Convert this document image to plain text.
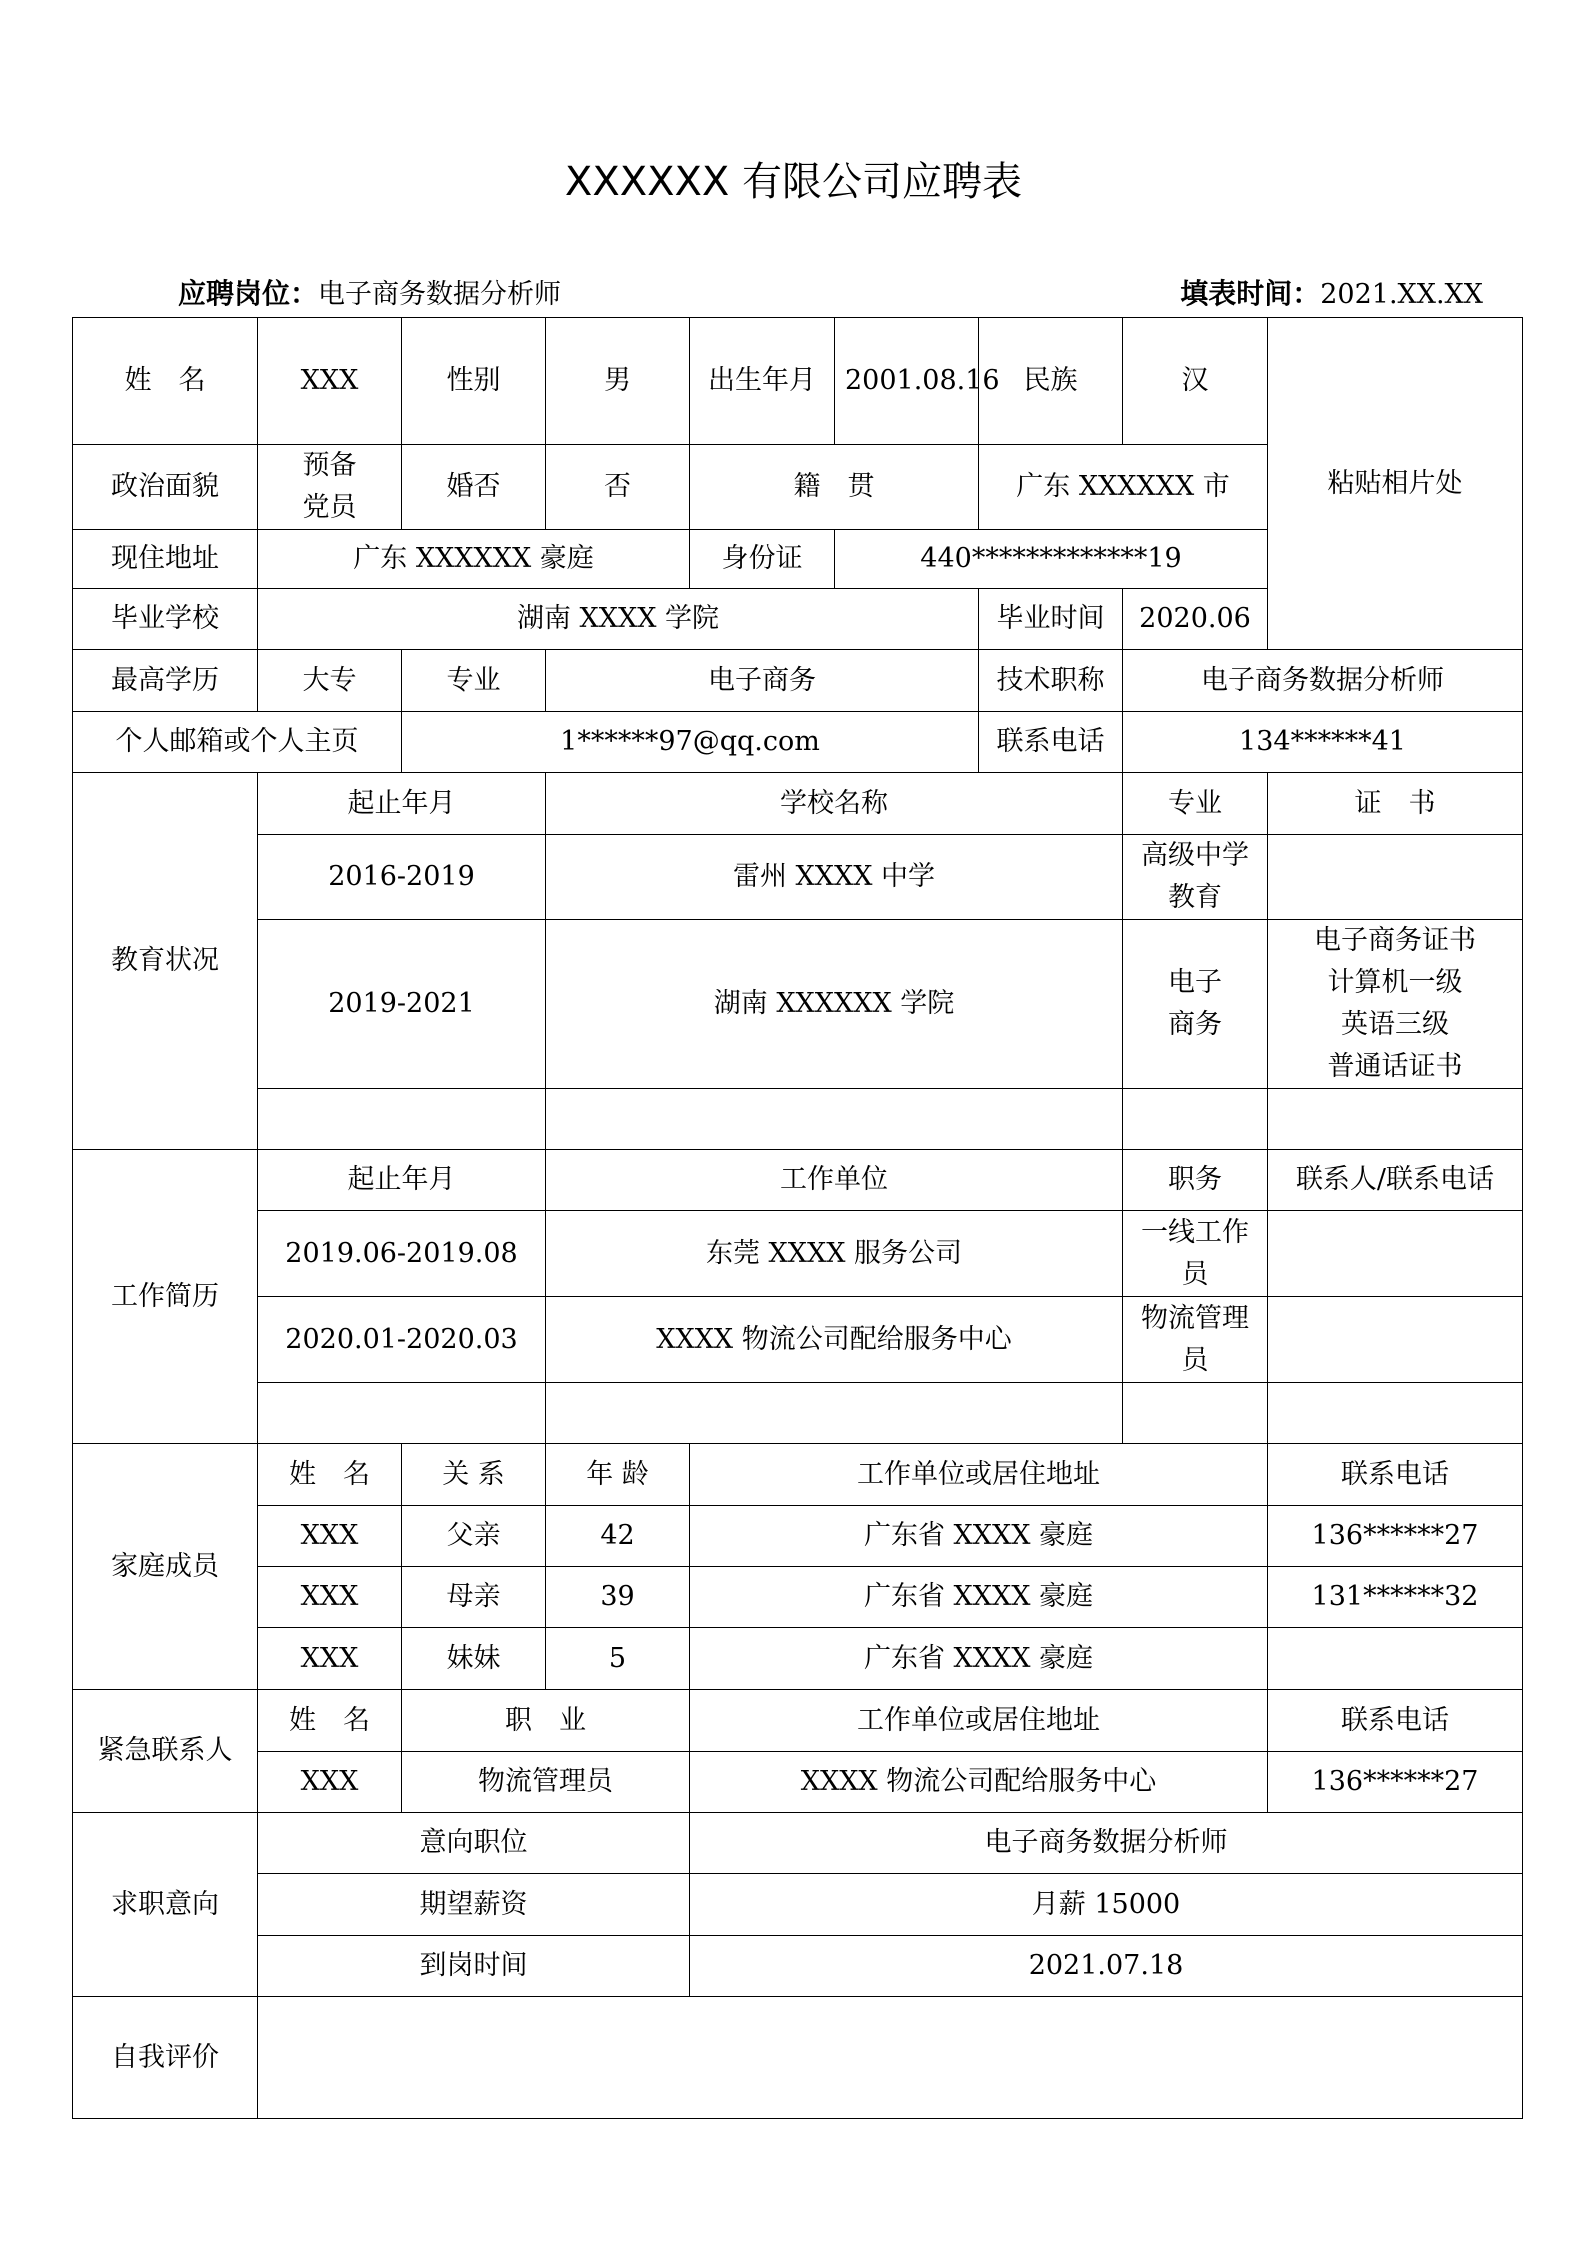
XXXXXX 有限公司应聘表
应聘岗位：电子商务数据分析师	填表时间：2021.XX.XX
姓　名	XXX	性别	男	出生年月	2001.08.16	民族	汉	粘贴相片处
政治面貌	预备党员	婚否	否	籍　贯		广东 XXXXXX 市		
现住地址	广东 XXXXXX 豪庭			身份证	440*************19			
毕业学校	湖南 XXXX 学院					毕业时间	2020.06	
最高学历	大专	专业	电子商务			技术职称	电子商务数据分析师	
个人邮箱或个人主页		1******97@qq.com				联系电话	134******41	
教育状况	起止年月		学校名称				专业	证　书
	2016-2019		雷州 XXXX 中学				高级中学教育	
	2019-2021		湖南 XXXXXX 学院				电子商务	电子商务证书
计算机一级
英语三级
普通话证书

工作简历	起止年月		工作单位				职务	联系人/联系电话
	2019.06-2019.08		东莞 XXXX 服务公司				一线工作员	
	2020.01-2020.03		XXXX 物流公司配给服务中心				物流管理员	

家庭成员	姓　名	关 系	年 龄	工作单位或居住地址				联系电话
	XXX	父亲	42	广东省 XXXX 豪庭				136******27
	XXX	母亲	39	广东省 XXXX 豪庭				131******32
	XXX	妹妹	5	广东省 XXXX 豪庭				
紧急联系人	姓　名	职　业		工作单位或居住地址				联系电话
	XXX	物流管理员		XXXX 物流公司配给服务中心				136******27
求职意向	意向职位			电子商务数据分析师				
	期望薪资			月薪 15000				
	到岗时间			2021.07.18				
自我评价								
